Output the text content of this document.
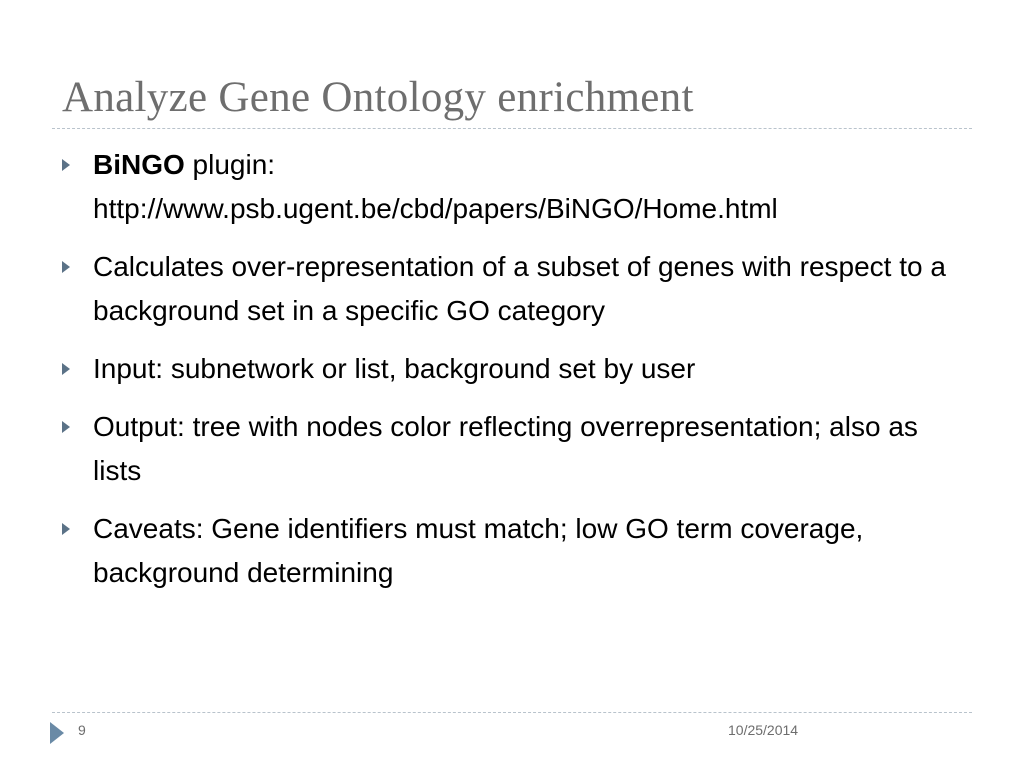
Analyze Gene Ontology enrichment
BiNGO plugin:
http://www.psb.ugent.be/cbd/papers/BiNGO/Home.html
Calculates over-representation of a subset of genes with respect to a background set in a specific GO category
Input: subnetwork or list, background set by user
Output: tree with nodes color reflecting overrepresentation; also as lists
Caveats: Gene identifiers must match; low GO term coverage, background determining
9	10/25/2014
